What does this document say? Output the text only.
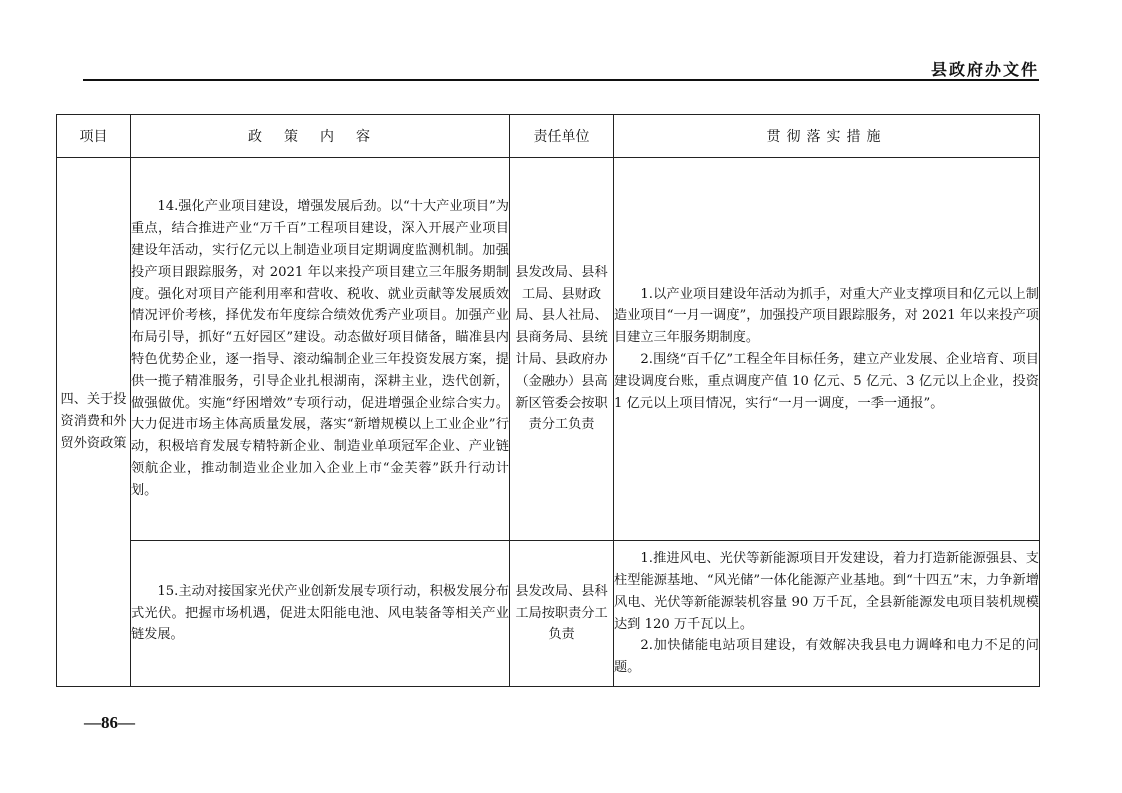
县政府办文件
项目	政策内容	责任单位	贯彻落实措施
四、关于投资消费和外贸外资政策	14.强化产业项目建设，增强发展后劲。以“十大产业项目”为重点，结合推进产业“万千百”工程项目建设，深入开展产业项目建设年活动，实行亿元以上制造业项目定期调度监测机制。加强投产项目跟踪服务，对 2021 年以来投产项目建立三年服务期制度。强化对项目产能利用率和营收、税收、就业贡献等发展质效情况评价考核，择优发布年度综合绩效优秀产业项目。加强产业布局引导，抓好“五好园区”建设。动态做好项目储备，瞄准县内特色优势企业，逐一指导、滚动编制企业三年投资发展方案，提供一揽子精准服务，引导企业扎根湖南，深耕主业，迭代创新，做强做优。实施“纾困增效”专项行动，促进增强企业综合实力。大力促进市场主体高质量发展，落实“新增规模以上工业企业”行动，积极培育发展专精特新企业、制造业单项冠军企业、产业链领航企业，推动制造业企业加入企业上市“金芙蓉”跃升行动计划。	县发改局、县科工局、县财政局、县人社局、县商务局、县统计局、县政府办（金融办）县高新区管委会按职责分工负责	1.以产业项目建设年活动为抓手，对重大产业支撑项目和亿元以上制造业项目“一月一调度”，加强投产项目跟踪服务，对 2021 年以来投产项目建立三年服务期制度。

2.围绕“百千亿”工程全年目标任务，建立产业发展、企业培育、项目建设调度台账，重点调度产值 10 亿元、5 亿元、3 亿元以上企业，投资 1 亿元以上项目情况，实行“一月一调度，一季一通报”。

	15.主动对接国家光伏产业创新发展专项行动，积极发展分布式光伏。把握市场机遇，促进太阳能电池、风电装备等相关产业链发展。	县发改局、县科工局按职责分工负责	1.推进风电、光伏等新能源项目开发建设，着力打造新能源强县、支柱型能源基地、“风光储”一体化能源产业基地。到“十四五”末，力争新增风电、光伏等新能源装机容量 90 万千瓦，全县新能源发电项目装机规模达到 120 万千瓦以上。

2.加快储能电站项目建设，有效解决我县电力调峰和电力不足的问题。

—86—
